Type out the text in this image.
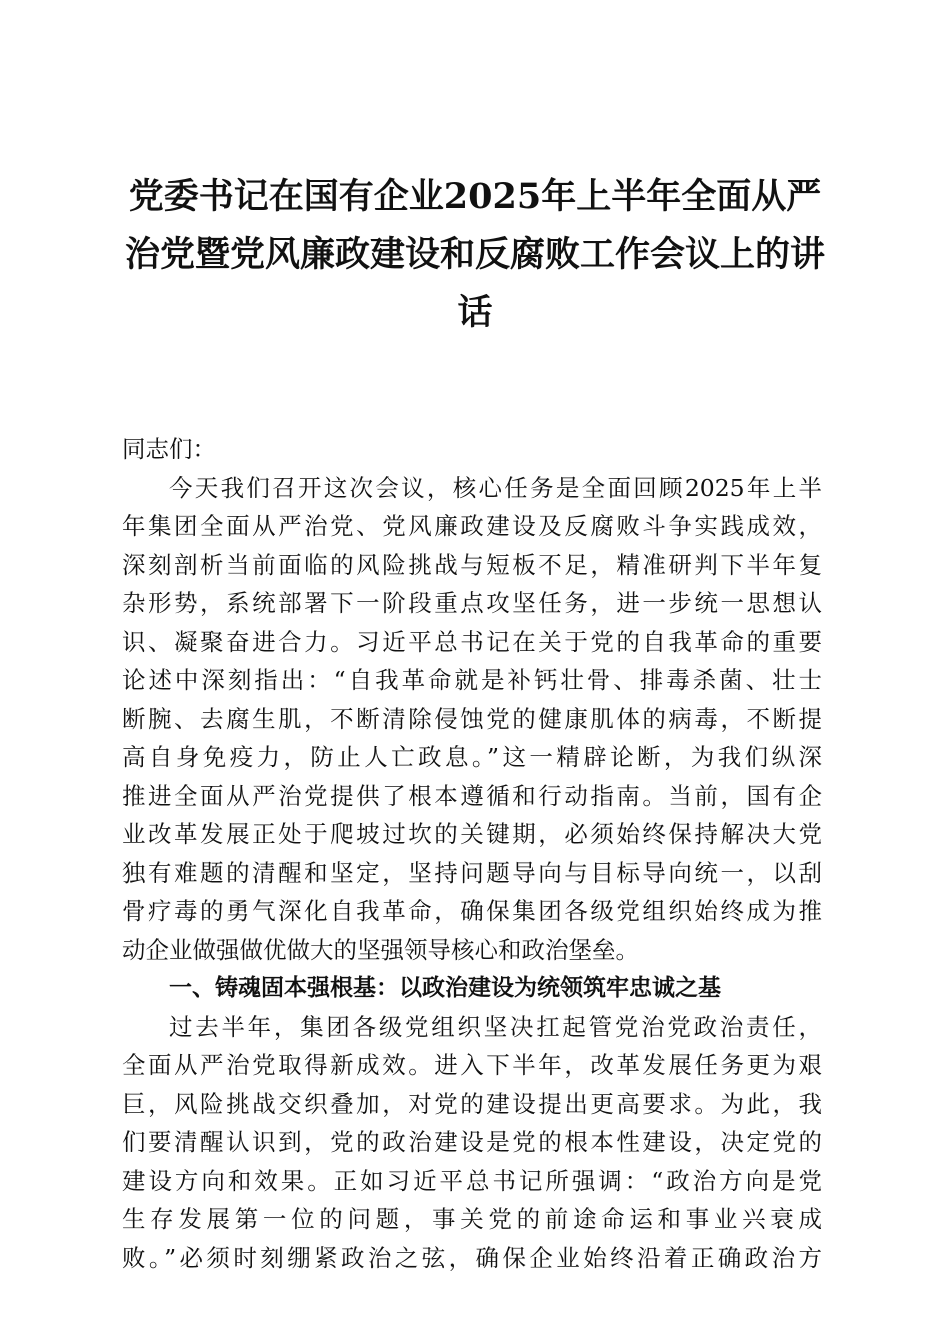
党委书记在国有企业2025年上半年全面从严
治党暨党风廉政建设和反腐败工作会议上的讲
话
同志们：
今天我们召开这次会议，核心任务是全面回顾2025年上半
年集团全面从严治党、党风廉政建设及反腐败斗争实践成效，
深刻剖析当前面临的风险挑战与短板不足，精准研判下半年复
杂形势，系统部署下一阶段重点攻坚任务，进一步统一思想认
识、凝聚奋进合力。习近平总书记在关于党的自我革命的重要
论述中深刻指出：“自我革命就是补钙壮骨、排毒杀菌、壮士
断腕、去腐生肌，不断清除侵蚀党的健康肌体的病毒，不断提
高自身免疫力，防止人亡政息。”这一精辟论断，为我们纵深
推进全面从严治党提供了根本遵循和行动指南。当前，国有企
业改革发展正处于爬坡过坎的关键期，必须始终保持解决大党
独有难题的清醒和坚定，坚持问题导向与目标导向统一，以刮
骨疗毒的勇气深化自我革命，确保集团各级党组织始终成为推
动企业做强做优做大的坚强领导核心和政治堡垒。
一、铸魂固本强根基：以政治建设为统领筑牢忠诚之基
过去半年，集团各级党组织坚决扛起管党治党政治责任，
全面从严治党取得新成效。进入下半年，改革发展任务更为艰
巨，风险挑战交织叠加，对党的建设提出更高要求。为此，我
们要清醒认识到，党的政治建设是党的根本性建设，决定党的
建设方向和效果。正如习近平总书记所强调：“政治方向是党
生存发展第一位的问题，事关党的前途命运和事业兴衰成
败。”必须时刻绷紧政治之弦，确保企业始终沿着正确政治方
